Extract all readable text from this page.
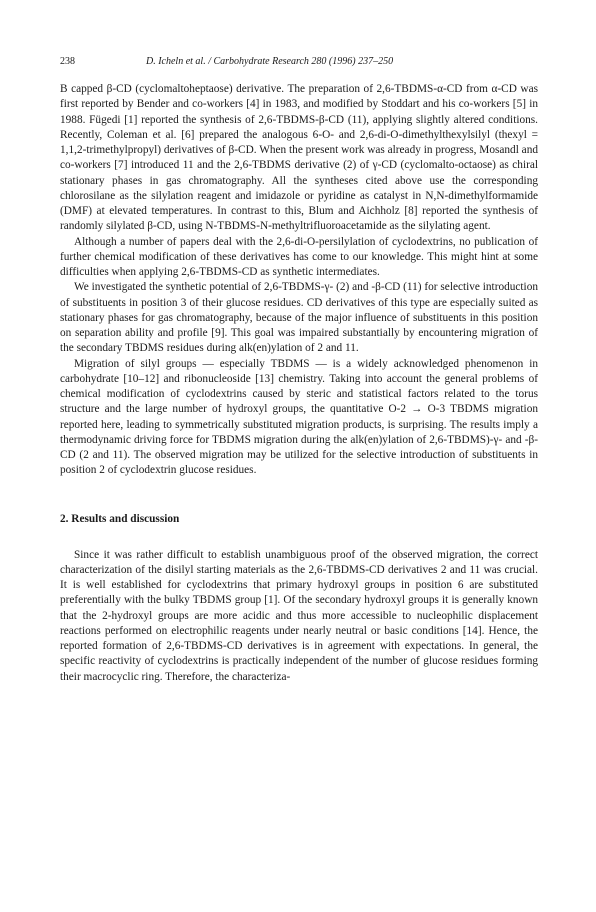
238	D. Icheln et al. / Carbohydrate Research 280 (1996) 237–250

B capped β-CD (cyclomaltoheptaose) derivative. The preparation of 2,6-TBDMS-α-CD from α-CD was first reported by Bender and co-workers [4] in 1983, and modified by Stoddart and his co-workers [5] in 1988. Fügedi [1] reported the synthesis of 2,6-TBDMS-β-CD (11), applying slightly altered conditions. Recently, Coleman et al. [6] prepared the analogous 6-O- and 2,6-di-O-dimethylthexylsilyl (thexyl = 1,1,2-trimethylpropyl) derivatives of β-CD. When the present work was already in progress, Mosandl and co-workers [7] introduced 11 and the 2,6-TBDMS derivative (2) of γ-CD (cyclomalto-octaose) as chiral stationary phases in gas chromatography. All the syntheses cited above use the corresponding chlorosilane as the silylation reagent and imidazole or pyridine as catalyst in N,N-dimethylformamide (DMF) at elevated temperatures. In contrast to this, Blum and Aichholz [8] reported the synthesis of randomly silylated β-CD, using N-TBDMS-N-methyltrifluoroacetamide as the silylating agent.

Although a number of papers deal with the 2,6-di-O-persilylation of cyclodextrins, no publication of further chemical modification of these derivatives has come to our knowledge. This might hint at some difficulties when applying 2,6-TBDMS-CD as synthetic intermediates.

We investigated the synthetic potential of 2,6-TBDMS-γ- (2) and -β-CD (11) for selective introduction of substituents in position 3 of their glucose residues. CD derivatives of this type are especially suited as stationary phases for gas chromatography, because of the major influence of substituents in this position on separation ability and profile [9]. This goal was impaired substantially by encountering migration of the secondary TBDMS residues during alk(en)ylation of 2 and 11.

Migration of silyl groups — especially TBDMS — is a widely acknowledged phenomenon in carbohydrate [10–12] and ribonucleoside [13] chemistry. Taking into account the general problems of chemical modification of cyclodextrins caused by steric and statistical factors related to the torus structure and the large number of hydroxyl groups, the quantitative O-2 → O-3 TBDMS migration reported here, leading to symmetrically substituted migration products, is surprising. The results imply a thermodynamic driving force for TBDMS migration during the alk(en)ylation of 2,6-TBDMS)-γ- and -β-CD (2 and 11). The observed migration may be utilized for the selective introduction of substituents in position 2 of cyclodextrin glucose residues.

2. Results and discussion

Since it was rather difficult to establish unambiguous proof of the observed migration, the correct characterization of the disilyl starting materials as the 2,6-TBDMS-CD derivatives 2 and 11 was crucial. It is well established for cyclodextrins that primary hydroxyl groups in position 6 are substituted preferentially with the bulky TBDMS group [1]. Of the secondary hydroxyl groups it is generally known that the 2-hydroxyl groups are more acidic and thus more accessible to nucleophilic displacement reactions performed on electrophilic reagents under nearly neutral or basic conditions [14]. Hence, the reported formation of 2,6-TBDMS-CD derivatives is in agreement with expectations. In general, the specific reactivity of cyclodextrins is practically independent of the number of glucose residues forming their macrocyclic ring. Therefore, the characteriza-
